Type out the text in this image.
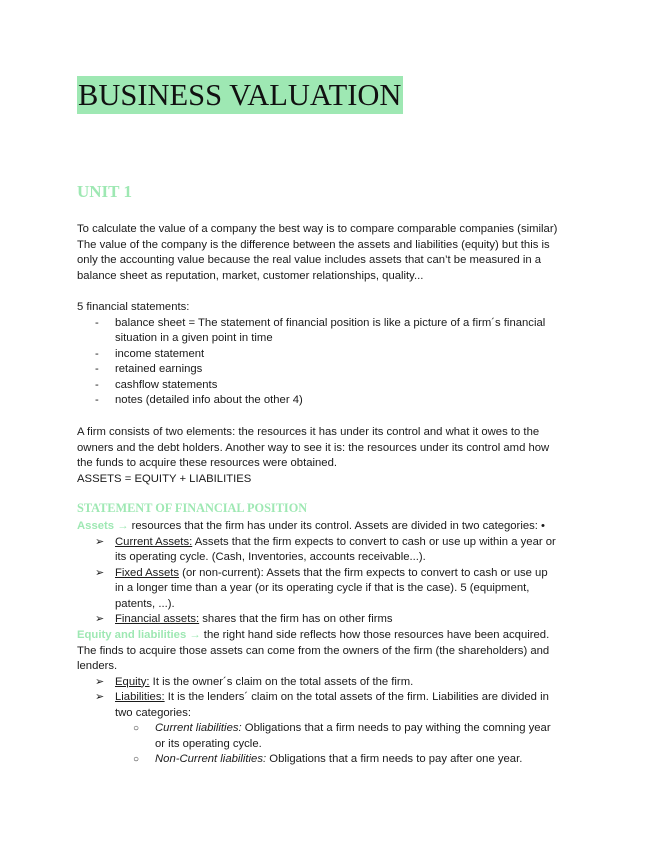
BUSINESS VALUATION
UNIT 1
To calculate the value of a company the best way is to compare comparable companies (similar)
The value of the company is the difference between the assets and liabilities (equity) but this is
only the accounting value because the real value includes assets that can’t be measured in a
balance sheet as reputation, market, customer relationships, quality...
5 financial statements:
- balance sheet = The statement of financial position is like a picture of a firm´s financial
situation in a given point in time
- income statement
- retained earnings
- cashflow statements
- notes (detailed info about the other 4)
A firm consists of two elements: the resources it has under its control and what it owes to the
owners and the debt holders. Another way to see it is: the resources under its control amd how
the funds to acquire these resources were obtained.
ASSETS = EQUITY + LIABILITIES
STATEMENT OF FINANCIAL POSITION
Assets → resources that the firm has under its control. Assets are divided in two categories: •
➢ Current Assets: Assets that the firm expects to convert to cash or use up within a year or
its operating cycle. (Cash, Inventories, accounts receivable...).
➢ Fixed Assets (or non-current): Assets that the firm expects to convert to cash or use up
in a longer time than a year (or its operating cycle if that is the case). 5 (equipment,
patents, ...).
➢ Financial assets: shares that the firm has on other firms
Equity and liabilities → the right hand side reflects how those resources have been acquired.
The finds to acquire those assets can come from the owners of the firm (the shareholders) and
lenders.
➢ Equity: It is the owner´s claim on the total assets of the firm.
➢ Liabilities: It is the lenders´ claim on the total assets of the firm. Liabilities are divided in
two categories:
○ Current liabilities: Obligations that a firm needs to pay withing the comning year
or its operating cycle.
○ Non-Current liabilities: Obligations that a firm needs to pay after one year.
